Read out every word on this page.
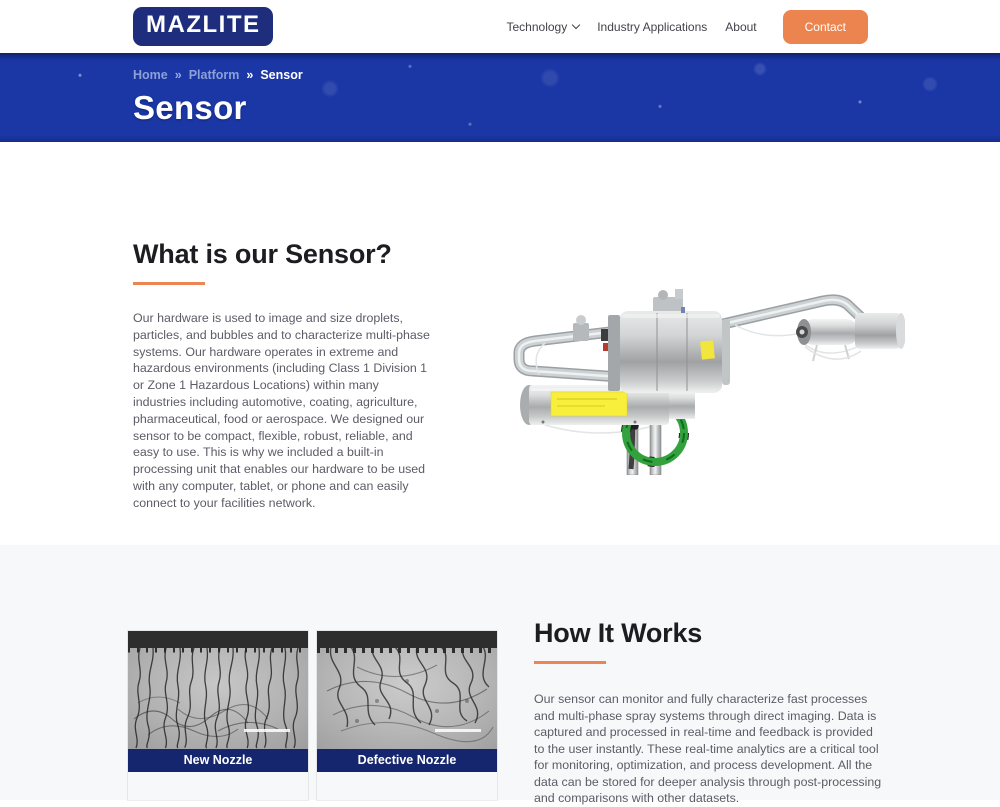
MAZLITE	Technology	Industry Applications About	Contact
Home » Platform » Sensor
Sensor
What is our Sensor?

Our hardware is used to image and size droplets, particles, and bubbles and to characterize multi-phase systems. Our hardware operates in extreme and hazardous environments (including Class 1 Division 1 or Zone 1 Hazardous Locations) within many industries including automotive, coating, agriculture, pharmaceutical, food or aerospace. We designed our sensor to be compact, flexible, robust, reliable, and easy to use. This is why we included a built-in processing unit that enables our hardware to be used with any computer, tablet, or phone and can easily connect to your facilities network.

New Nozzle	Defective Nozzle
How It Works

Our sensor can monitor and fully characterize fast processes and multi-phase spray systems through direct imaging. Data is captured and processed in real-time and feedback is provided to the user instantly. These real-time analytics are a critical tool for monitoring, optimization, and process development. All the data can be stored for deeper analysis through post-processing and comparisons with other datasets.
